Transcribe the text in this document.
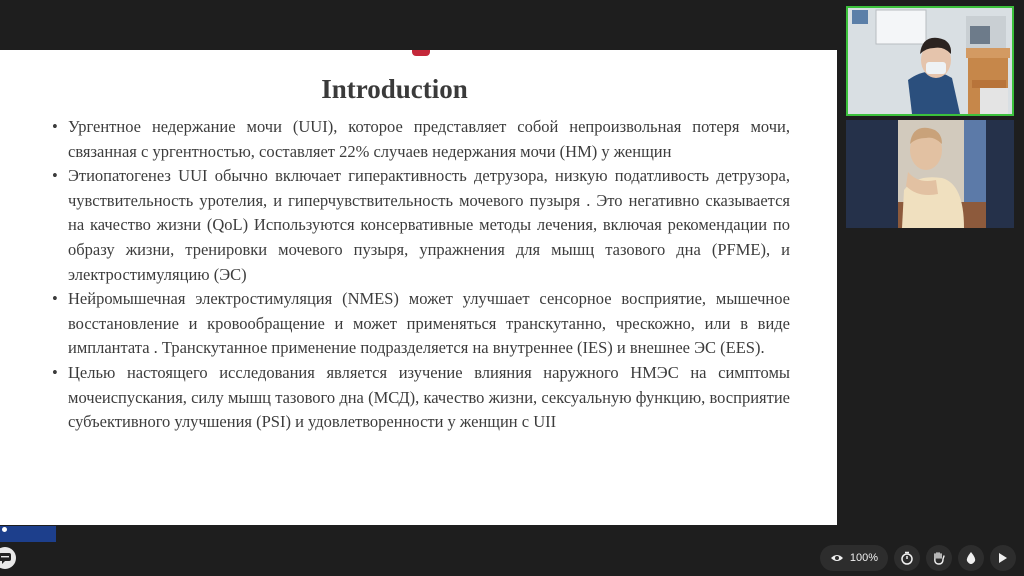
Introduction
• Ургентное недержание мочи (UUI), которое представляет собой непроизвольная потеря мочи, связанная с ургентностью, составляет 22% случаев недержания мочи (НМ) у женщин
• Этиопатогенез UUI обычно включает гиперактивность детрузора, низкую податливость детрузора, чувствительность уротелия, и гиперчувствительность мочевого пузыря . Это негативно сказывается на качество жизни (QoL) Используются консервативные методы лечения, включая рекомендации по образу жизни, тренировки мочевого пузыря, упражнения для мышц тазового дна (PFME), и электростимуляцию (ЭС)
• Нейромышечная электростимуляция (NMES) может улучшает сенсорное восприятие, мышечное восстановление и кровообращение и может применяться транскутанно, чрескожно, или в виде имплантата . Транскутанное применение подразделяется на внутреннее (IES) и внешнее ЭС (EES).
• Целью настоящего исследования является изучение влияния наружного НМЭС на симптомы мочеиспускания, силу мышц тазового дна (МСД), качество жизни, сексуальную функцию, восприятие субъективного улучшения (PSI) и удовлетворенности у женщин с UII
100%
